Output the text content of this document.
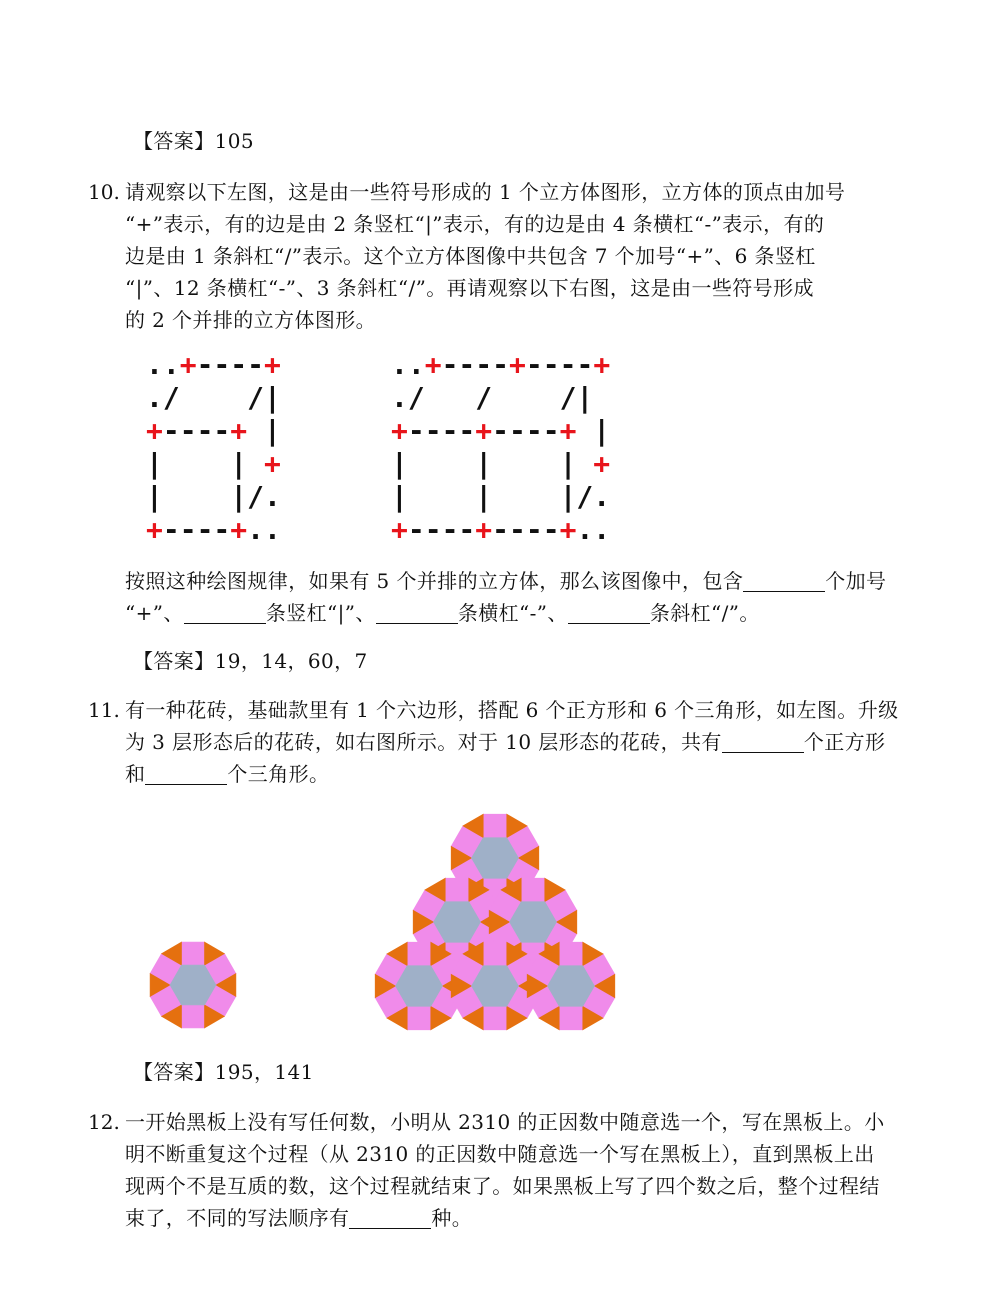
【答案】105
10. 请观察以下左图，这是由一些符号形成的 1 个立方体图形，立方体的顶点由加号
“+”表示，有的边是由 2 条竖杠“|”表示，有的边是由 4 条横杠“-”表示，有的
边是由 1 条斜杠“/”表示。这个立方体图像中共包含 7 个加号“+”、6 条竖杠
“|”、12 条横杠“-”、3 条斜杠“/”。再请观察以下右图，这是由一些符号形成
的 2 个并排的立方体图形。
..+----+
./    /|
+----+ |
|    | +
|    |/.
+----+..
..+----+----+
./   /    /|
+----+----+ |
|    |    | +
|    |    |/.
+----+----+..
按照这种绘图规律，如果有 5 个并排的立方体，那么该图像中，包含	个加号
“+”、	条竖杠“|”、	条横杠“-”、	条斜杠“/”。
【答案】19，14，60，7
11. 有一种花砖，基础款里有 1 个六边形，搭配 6 个正方形和 6 个三角形，如左图。升级
为 3 层形态后的花砖，如右图所示。对于 10 层形态的花砖，共有	个正方形
和	个三角形。
【答案】195，141
12. 一开始黑板上没有写任何数，小明从 2310 的正因数中随意选一个，写在黑板上。小
明不断重复这个过程（从 2310 的正因数中随意选一个写在黑板上），直到黑板上出
现两个不是互质的数，这个过程就结束了。如果黑板上写了四个数之后，整个过程结
束了，不同的写法顺序有	种。
